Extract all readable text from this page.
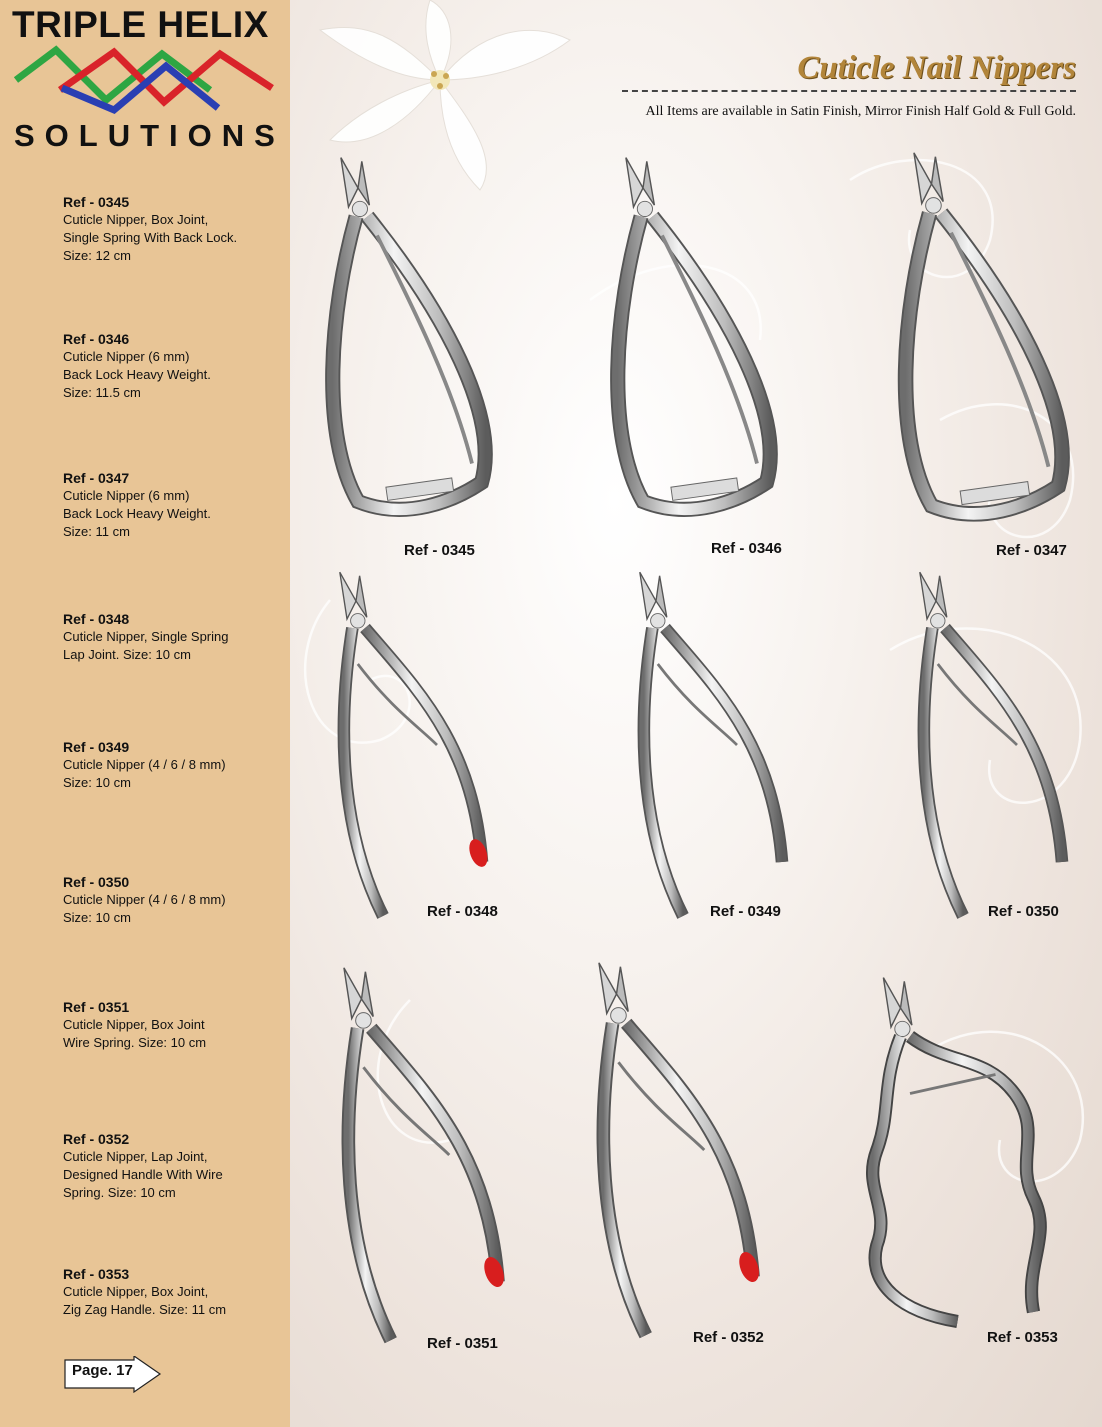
TRIPLE HELIX
SOLUTIONS
Ref - 0345
Cuticle Nipper, Box Joint,
Single Spring With Back Lock.
Size: 12 cm
Ref - 0346
Cuticle Nipper (6 mm)
Back Lock Heavy Weight.
Size: 11.5 cm
Ref - 0347
Cuticle Nipper (6 mm)
Back Lock Heavy Weight.
Size: 11 cm
Ref - 0348
Cuticle Nipper, Single Spring
Lap Joint. Size: 10 cm
Ref - 0349
Cuticle Nipper (4 / 6 / 8 mm)
Size: 10 cm
Ref - 0350
Cuticle Nipper (4 / 6 / 8 mm)
Size: 10 cm
Ref - 0351
Cuticle Nipper, Box Joint
Wire Spring. Size: 10 cm
Ref - 0352
Cuticle Nipper, Lap Joint,
Designed Handle With Wire
Spring. Size: 10 cm
Ref - 0353
Cuticle Nipper, Box Joint,
Zig Zag Handle. Size: 11 cm
Page. 17
Cuticle Nail Nippers
All Items are available in Satin Finish, Mirror Finish Half Gold & Full Gold.
Ref - 0345	Ref - 0346	Ref - 0347
Ref - 0348	Ref - 0349	Ref - 0350
Ref - 0351	Ref - 0352	Ref - 0353
